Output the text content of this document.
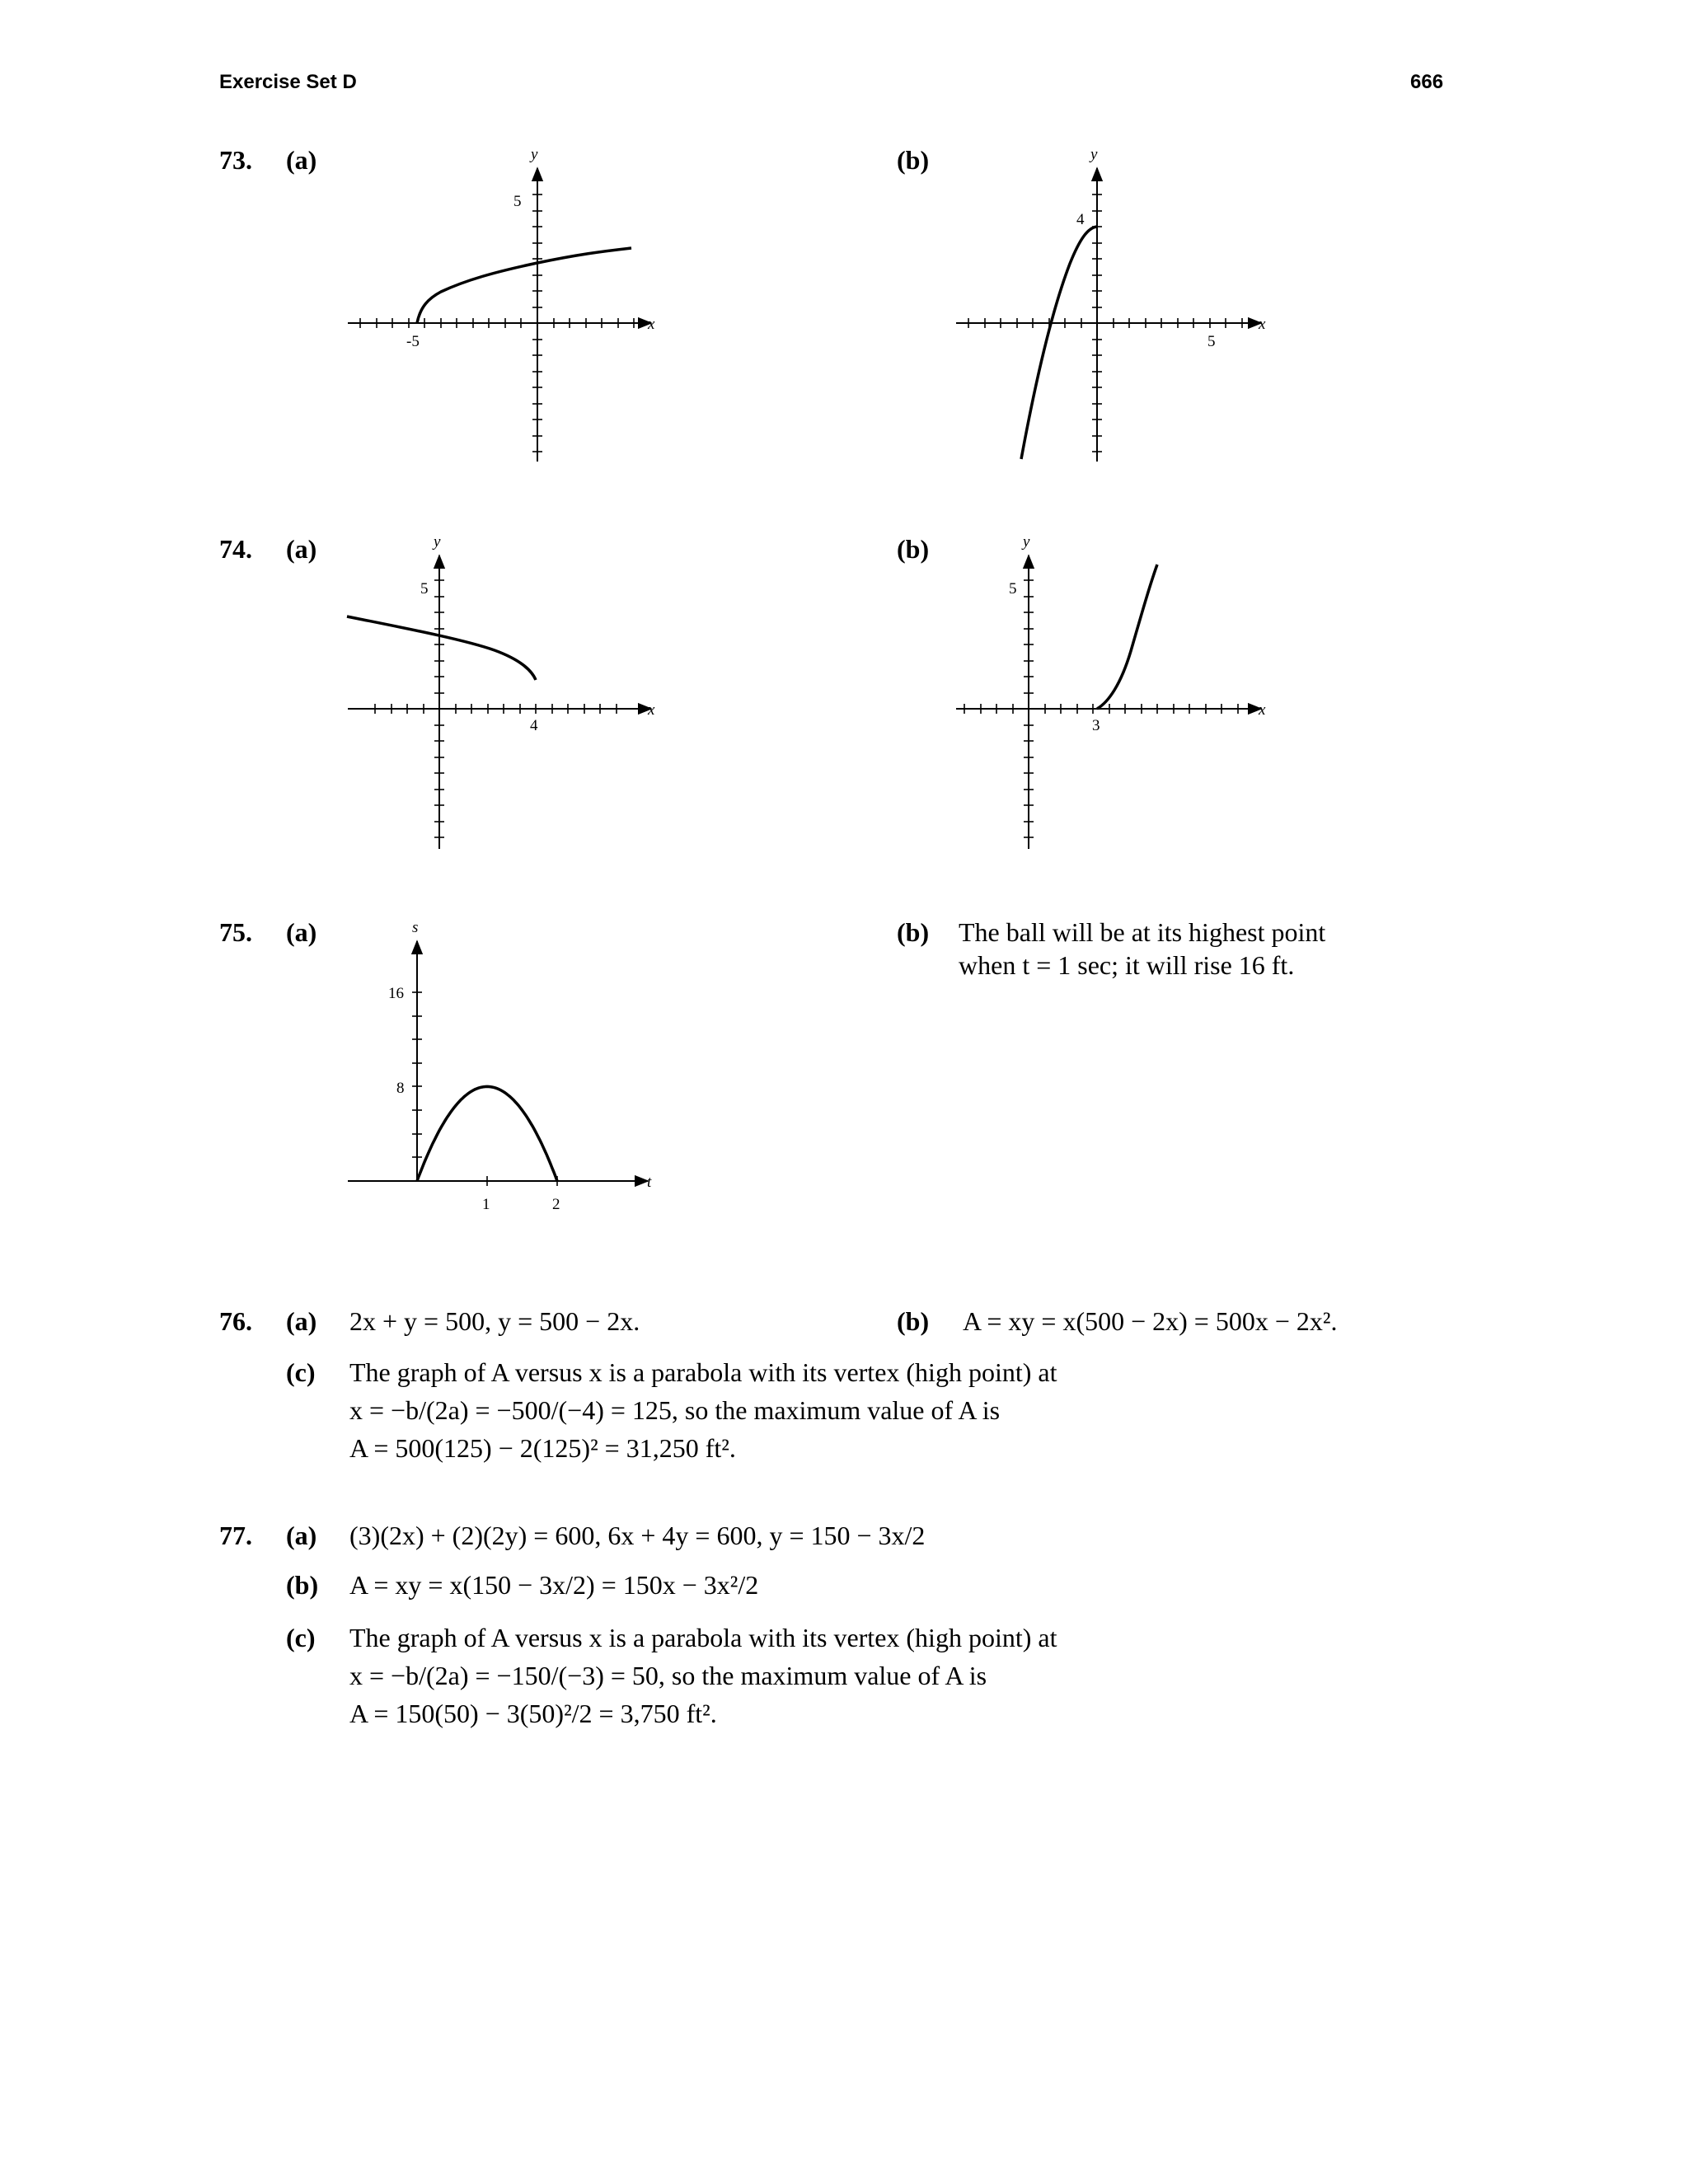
Exercise Set D	666
73. (a)	(b)
y
x
5
-5
y
x
4
5
y
x
5
4
y
x
5
3
s
t
16
8
1	2
74. (a)	(b)
75. (a)	(b) The ball will be at its highest point
when t = 1 sec; it will rise 16 ft.
76. (a) 2x + y = 500, y = 500 − 2x.	(b) A = xy = x(500 − 2x) = 500x − 2x².
(c) The graph of A versus x is a parabola with its vertex (high point) at
x = −b/(2a) = −500/(−4) = 125, so the maximum value of A is
A = 500(125) − 2(125)² = 31,250 ft².
77. (a) (3)(2x) + (2)(2y) = 600, 6x + 4y = 600, y = 150 − 3x/2
(b) A = xy = x(150 − 3x/2) = 150x − 3x²/2
(c) The graph of A versus x is a parabola with its vertex (high point) at
x = −b/(2a) = −150/(−3) = 50, so the maximum value of A is
A = 150(50) − 3(50)²/2 = 3,750 ft².
